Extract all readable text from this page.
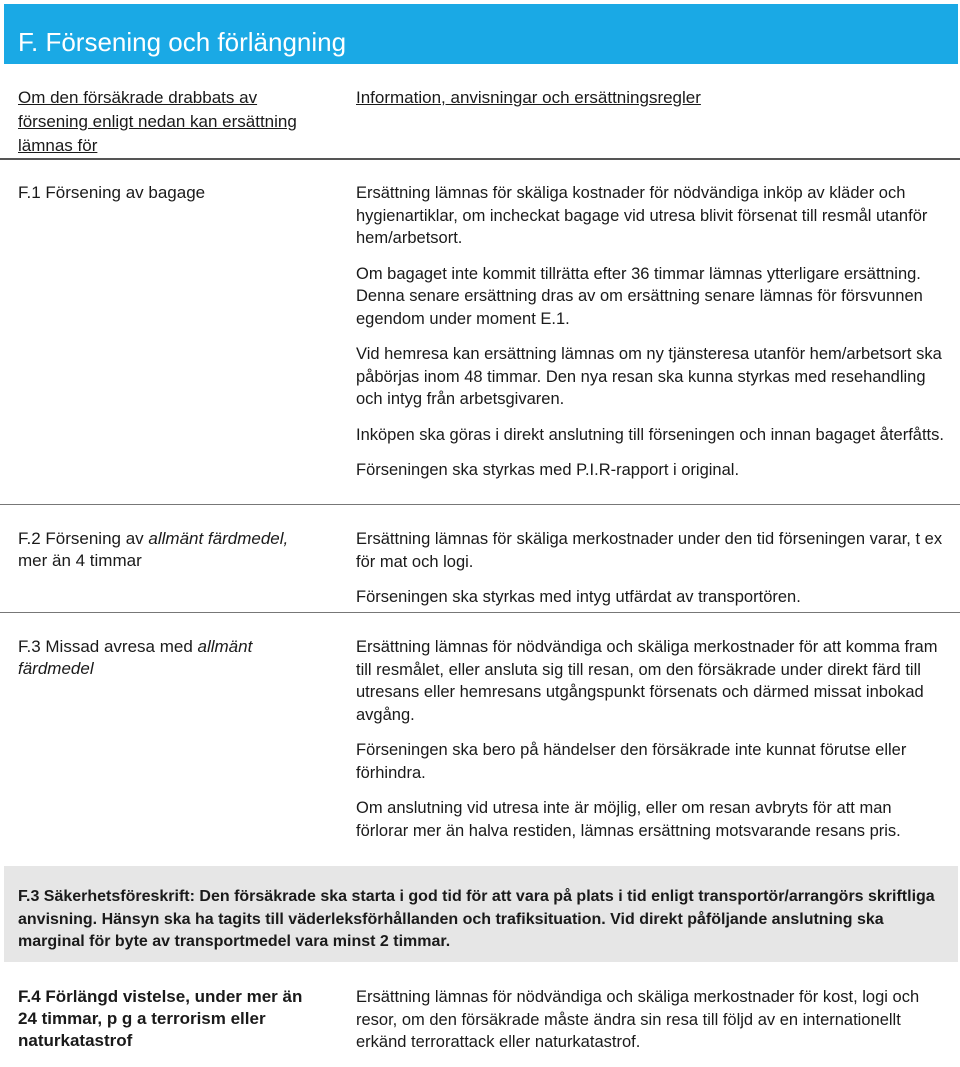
F. Försening och förlängning
Om den försäkrade drabbats av försening enligt nedan kan ersättning lämnas för
Information, anvisningar och ersättningsregler
F.1 Försening av bagage	Ersättning lämnas för skäliga kostnader för nödvändiga inköp av kläder och hygienartiklar, om incheckat bagage vid utresa blivit försenat till resmål utanför hem/arbetsort.

Om bagaget inte kommit tillrätta efter 36 timmar lämnas ytterligare ersättning. Denna senare ersättning dras av om ersättning senare lämnas för försvunnen egendom under moment E.1.

Vid hemresa kan ersättning lämnas om ny tjänsteresa utanför hem/arbetsort ska påbörjas inom 48 timmar. Den nya resan ska kunna styrkas med resehandling och intyg från arbetsgivaren.

Inköpen ska göras i direkt anslutning till förseningen och innan bagaget återfåtts.

Förseningen ska styrkas med P.I.R-rapport i original.

F.2 Försening av allmänt färdmedel,
mer än 4 timmar

Ersättning lämnas för skäliga merkostnader under den tid förseningen varar, t ex för mat och logi.

Förseningen ska styrkas med intyg utfärdat av transportören.

F.3 Missad avresa med allmänt färdmedel

Ersättning lämnas för nödvändiga och skäliga merkostnader för att komma fram till resmålet, eller ansluta sig till resan, om den försäkrade under direkt färd till utresans eller hemresans utgångspunkt försenats och därmed missat inbokad avgång.

Förseningen ska bero på händelser den försäkrade inte kunnat förutse eller förhindra.

Om anslutning vid utresa inte är möjlig, eller om resan avbryts för att man förlorar mer än halva restiden, lämnas ersättning motsvarande resans pris.

F.3 Säkerhetsföreskrift: Den försäkrade ska starta i god tid för att vara på plats i tid enligt transportör/arrangörs skriftliga anvisning. Hänsyn ska ha tagits till väderleksförhållanden och trafiksituation. Vid direkt påföljande anslutning ska marginal för byte av transportmedel vara minst 2 timmar.

F.4 Förlängd vistelse, under mer än 24 timmar, p g a terrorism eller naturkatastrof

Ersättning lämnas för nödvändiga och skäliga merkostnader för kost, logi och resor, om den försäkrade måste ändra sin resa till följd av en internationellt erkänd terrorattack eller naturkatastrof.
